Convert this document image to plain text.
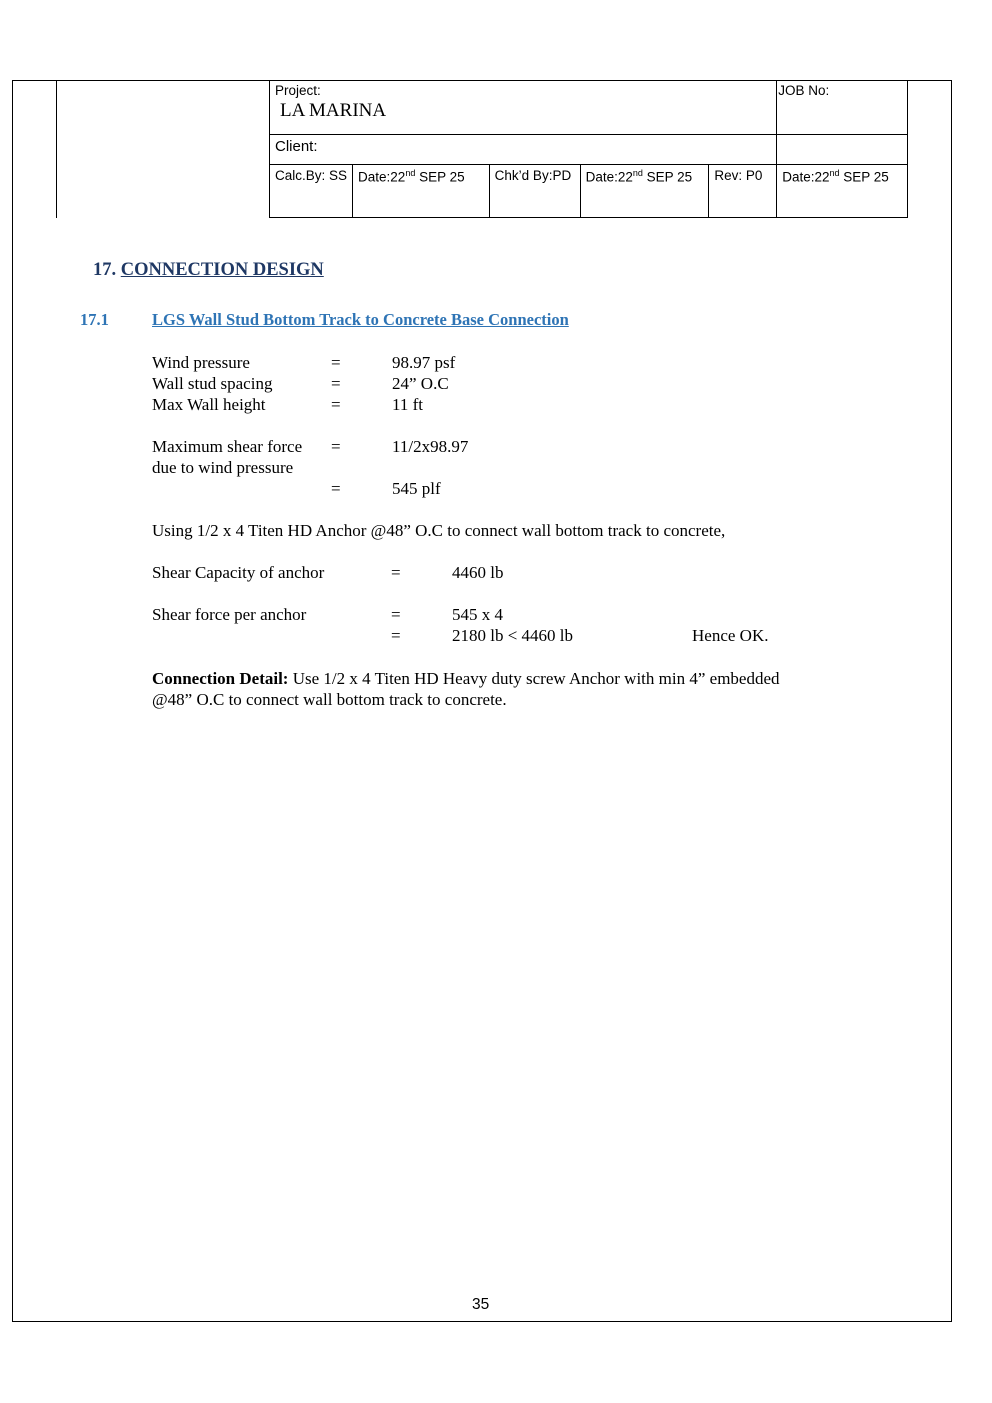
Project:
LA MARINA					JOB No:
Client:					
Calc.By: SS	Date:22nd SEP 25	Chk’d By:PD	Date:22nd SEP 25	Rev: P0	Date:22nd SEP 25
17. CONNECTION DESIGN
17.1	LGS Wall Stud Bottom Track to Concrete Base Connection
Wind pressure	=	98.97 psf
Wall stud spacing	=	24” O.C
Max Wall height	=	11 ft
Maximum shear force =	11/2x98.97
due to wind pressure
=	545 plf
Using 1/2 x 4 Titen HD Anchor @48” O.C to connect wall bottom track to concrete,
Shear Capacity of anchor	=	4460 lb
Shear force per anchor	=	545 x 4
=	2180 lb < 4460 lb	Hence OK.
Connection Detail: Use 1/2 x 4 Titen HD Heavy duty screw Anchor with min 4” embedded
@48” O.C to connect wall bottom track to concrete.
35
